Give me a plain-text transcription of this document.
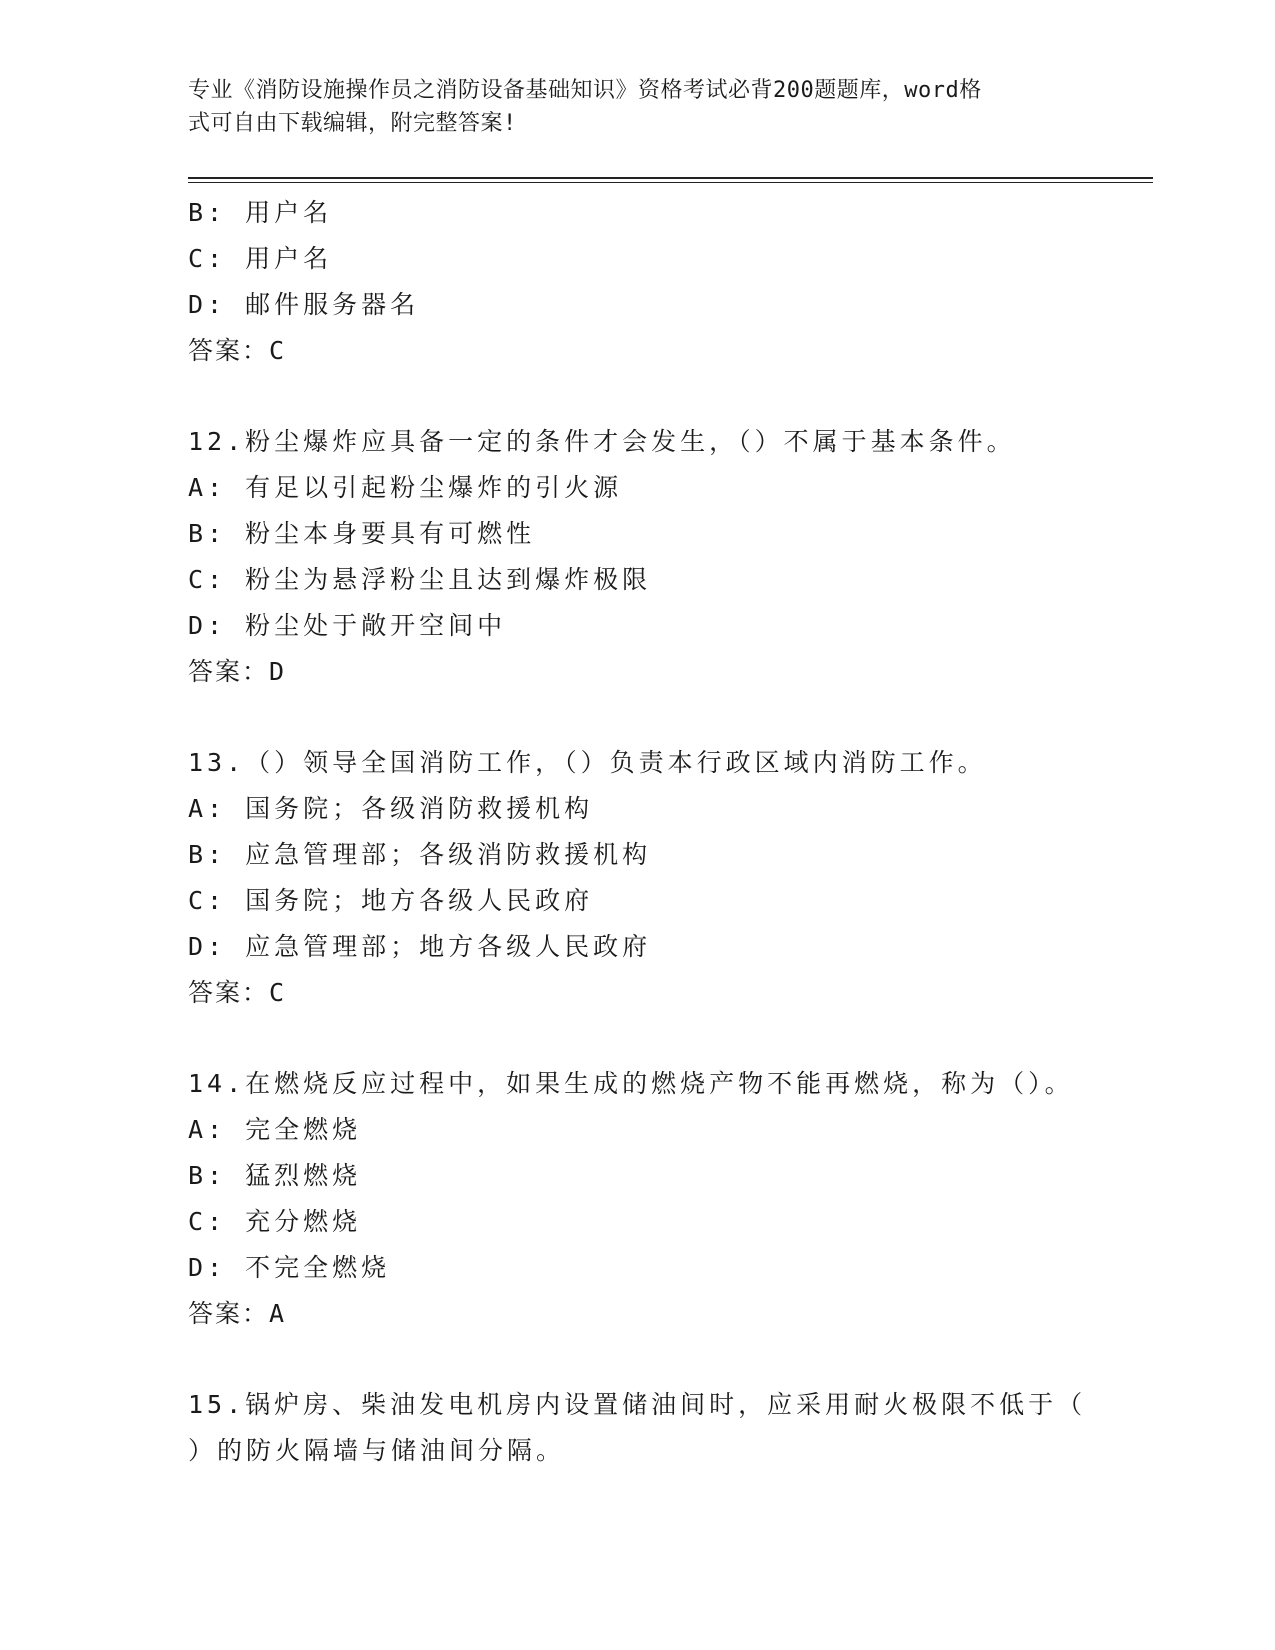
专业《消防设施操作员之消防设备基础知识》资格考试必背200题题库，word格
式可自由下载编辑，附完整答案!
B: 用户名
C: 用户名
D: 邮件服务器名
答案：C
12.粉尘爆炸应具备一定的条件才会发生，（）不属于基本条件。
A: 有足以引起粉尘爆炸的引火源
B: 粉尘本身要具有可燃性
C: 粉尘为悬浮粉尘且达到爆炸极限
D: 粉尘处于敞开空间中
答案：D
13.（）领导全国消防工作，（）负责本行政区域内消防工作。
A: 国务院；各级消防救援机构
B: 应急管理部；各级消防救援机构
C: 国务院；地方各级人民政府
D: 应急管理部；地方各级人民政府
答案：C
14.在燃烧反应过程中，如果生成的燃烧产物不能再燃烧，称为（）。
A: 完全燃烧
B: 猛烈燃烧
C: 充分燃烧
D: 不完全燃烧
答案：A
15.锅炉房、柴油发电机房内设置储油间时，应采用耐火极限不低于（
）的防火隔墙与储油间分隔。
